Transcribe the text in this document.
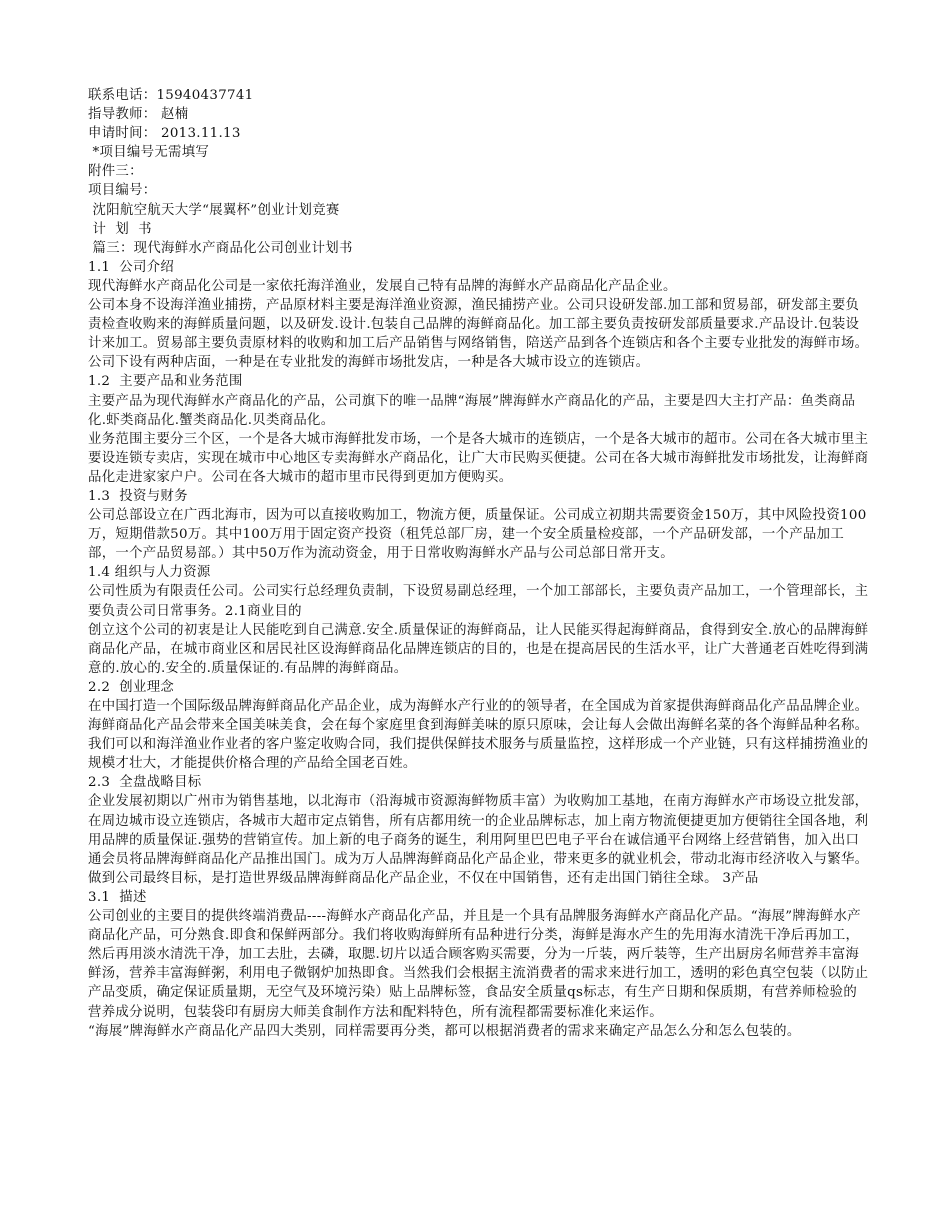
联系电话：15940437741
指导教师： 赵楠
申请时间： 2013.11.13
*项目编号无需填写
附件三：
项目编号：
沈阳航空航天大学“展翼杯”创业计划竞赛
计  划  书
篇三：现代海鲜水产商品化公司创业计划书
1.1  公司介绍

现代海鲜水产商品化公司是一家依托海洋渔业，发展自己特有品牌的海鲜水产品商品化产品企业。

公司本身不设海洋渔业捕捞，产品原材料主要是海洋渔业资源，渔民捕捞产业。公司只设研发部.加工部和贸易部，研发部主要负责检查收购来的海鲜质量问题，以及研发.设计.包装自己品牌的海鲜商品化。加工部主要负责按研发部质量要求.产品设计.包装设计来加工。贸易部主要负责原材料的收购和加工后产品销售与网络销售，陪送产品到各个连锁店和各个主要专业批发的海鲜市场。公司下设有两种店面，一种是在专业批发的海鲜市场批发店，一种是各大城市设立的连锁店。

1.2  主要产品和业务范围

主要产品为现代海鲜水产商品化的产品，公司旗下的唯一品牌“海展”牌海鲜水产商品化的产品，主要是四大主打产品：鱼类商品化.虾类商品化.蟹类商品化.贝类商品化。

业务范围主要分三个区，一个是各大城市海鲜批发市场，一个是各大城市的连锁店，一个是各大城市的超市。公司在各大城市里主要设连锁专卖店，实现在城市中心地区专卖海鲜水产商品化，让广大市民购买便捷。公司在各大城市海鲜批发市场批发，让海鲜商品化走进家家户户。公司在各大城市的超市里市民得到更加方便购买。

1.3  投资与财务

公司总部设立在广西北海市，因为可以直接收购加工，物流方便，质量保证。公司成立初期共需要资金150万，其中风险投资100万，短期借款50万。其中100万用于固定资产投资（租凭总部厂房，建一个安全质量检疫部，一个产品研发部，一个产品加工部，一个产品贸易部。）其中50万作为流动资金，用于日常收购海鲜水产品与公司总部日常开支。

1.4 组织与人力资源

公司性质为有限责任公司。公司实行总经理负责制，下设贸易副总经理，一个加工部部长，主要负责产品加工，一个管理部长，主要负责公司日常事务。2.1商业目的

创立这个公司的初衷是让人民能吃到自己满意.安全.质量保证的海鲜商品，让人民能买得起海鲜商品，食得到安全.放心的品牌海鲜商品化产品，在城市商业区和居民社区设海鲜商品化品牌连锁店的目的，也是在提高居民的生活水平，让广大普通老百姓吃得到满意的.放心的.安全的.质量保证的.有品牌的海鲜商品。

2.2  创业理念

在中国打造一个国际级品牌海鲜商品化产品企业，成为海鲜水产行业的的领导者，在全国成为首家提供海鲜商品化产品品牌企业。海鲜商品化产品会带来全国美味美食，会在每个家庭里食到海鲜美味的原只原味，会让每人会做出海鲜名菜的各个海鲜品种名称。我们可以和海洋渔业作业者的客户鉴定收购合同，我们提供保鲜技术服务与质量监控，这样形成一个产业链，只有这样捕捞渔业的规模才壮大，才能提供价格合理的产品给全国老百姓。

2.3  全盘战略目标

企业发展初期以广州市为销售基地，以北海市（沿海城市资源海鲜物质丰富）为收购加工基地，在南方海鲜水产市场设立批发部，在周边城市设立连锁店，各城市大超市定点销售，所有店都用统一的企业品牌标志，加上南方物流便捷更加方便销往全国各地，利用品牌的质量保证.强势的营销宣传。加上新的电子商务的诞生，利用阿里巴巴电子平台在诚信通平台网络上经营销售，加入出口通会员将品牌海鲜商品化产品推出国门。成为万人品牌海鲜商品化产品企业，带来更多的就业机会，带动北海市经济收入与繁华。做到公司最终目标，是打造世界级品牌海鲜商品化产品企业，不仅在中国销售，还有走出国门销往全球。 3产品

3.1  描述

公司创业的主要目的提供终端消费品----海鲜水产商品化产品，并且是一个具有品牌服务海鲜水产商品化产品。“海展”牌海鲜水产商品化产品，可分熟食.即食和保鲜两部分。我们将收购海鲜所有品种进行分类，海鲜是海水产生的先用海水清洗干净后再加工，然后再用淡水清洗干净，加工去肚，去磷，取腮.切片以适合顾客购买需要，分为一斤装，两斤装等，生产出厨房名师营养丰富海鲜汤，营养丰富海鲜粥，利用电子微钢炉加热即食。当然我们会根据主流消费者的需求来进行加工，透明的彩色真空包装（以防止产品变质，确定保证质量期，无空气及环境污染）贴上品牌标签，食品安全质量qs标志，有生产日期和保质期，有营养师检验的营养成分说明，包装袋印有厨房大师美食制作方法和配料特色，所有流程都需要标准化来运作。

“海展”牌海鲜水产商品化产品四大类别，同样需要再分类，都可以根据消费者的需求来确定产品怎么分和怎么包装的。
